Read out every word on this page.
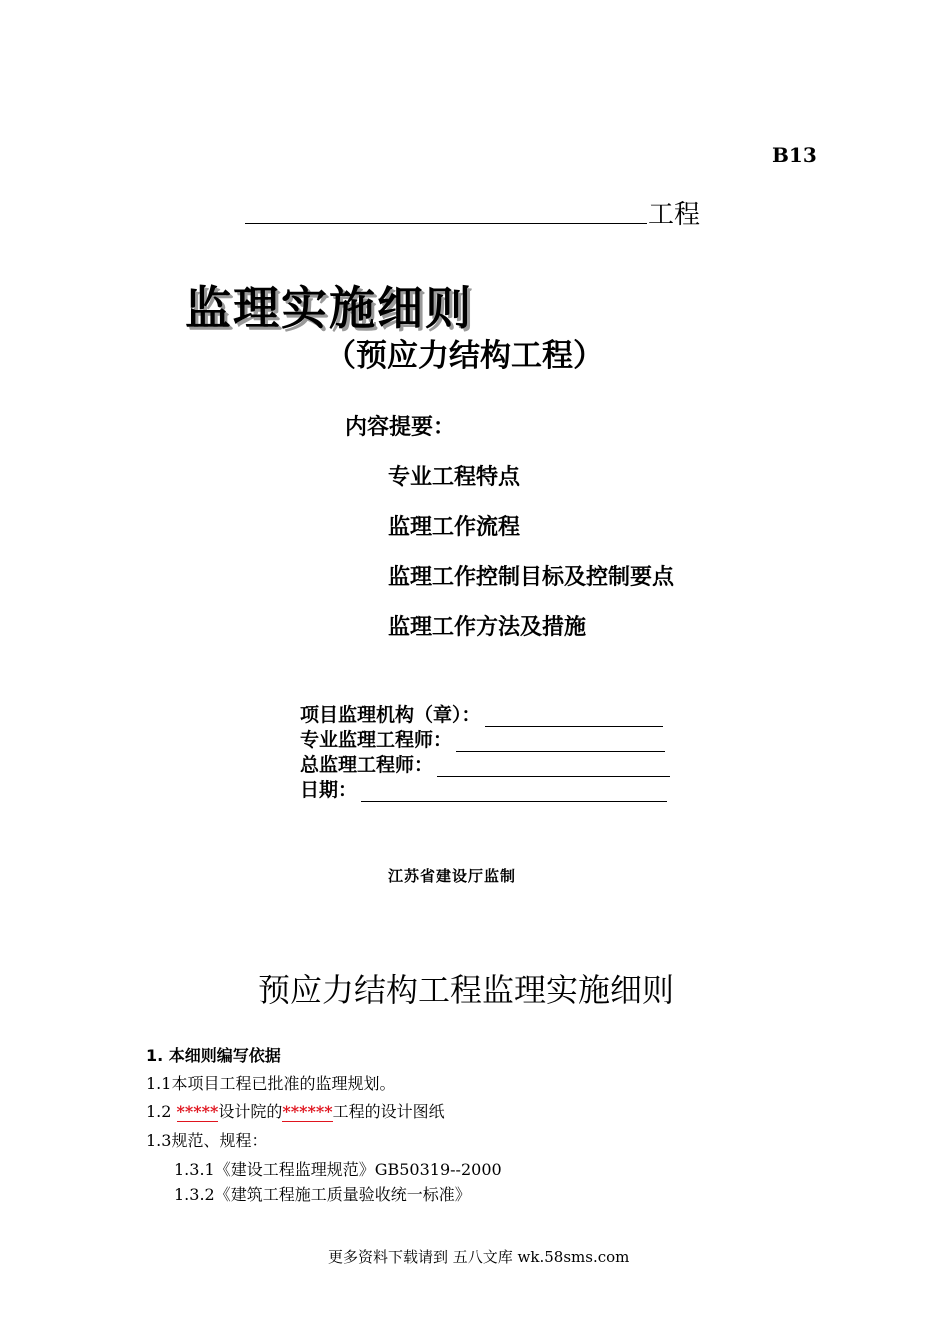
B13
工程
监理实施细则
（预应力结构工程）
内容提要：
专业工程特点
监理工作流程
监理工作控制目标及控制要点
监理工作方法及措施
项目监理机构（章）：
专业监理工程师：
总监理工程师：
日期：
江苏省建设厅监制
预应力结构工程监理实施细则
1. 本细则编写依据
1.1本项目工程已批准的监理规划。
1.2 *****设计院的******工程的设计图纸
1.3规范、规程：
1.3.1《建设工程监理规范》GB50319--2000
1.3.2《建筑工程施工质量验收统一标准》
更多资料下载请到 五八文库 wk.58sms.com
